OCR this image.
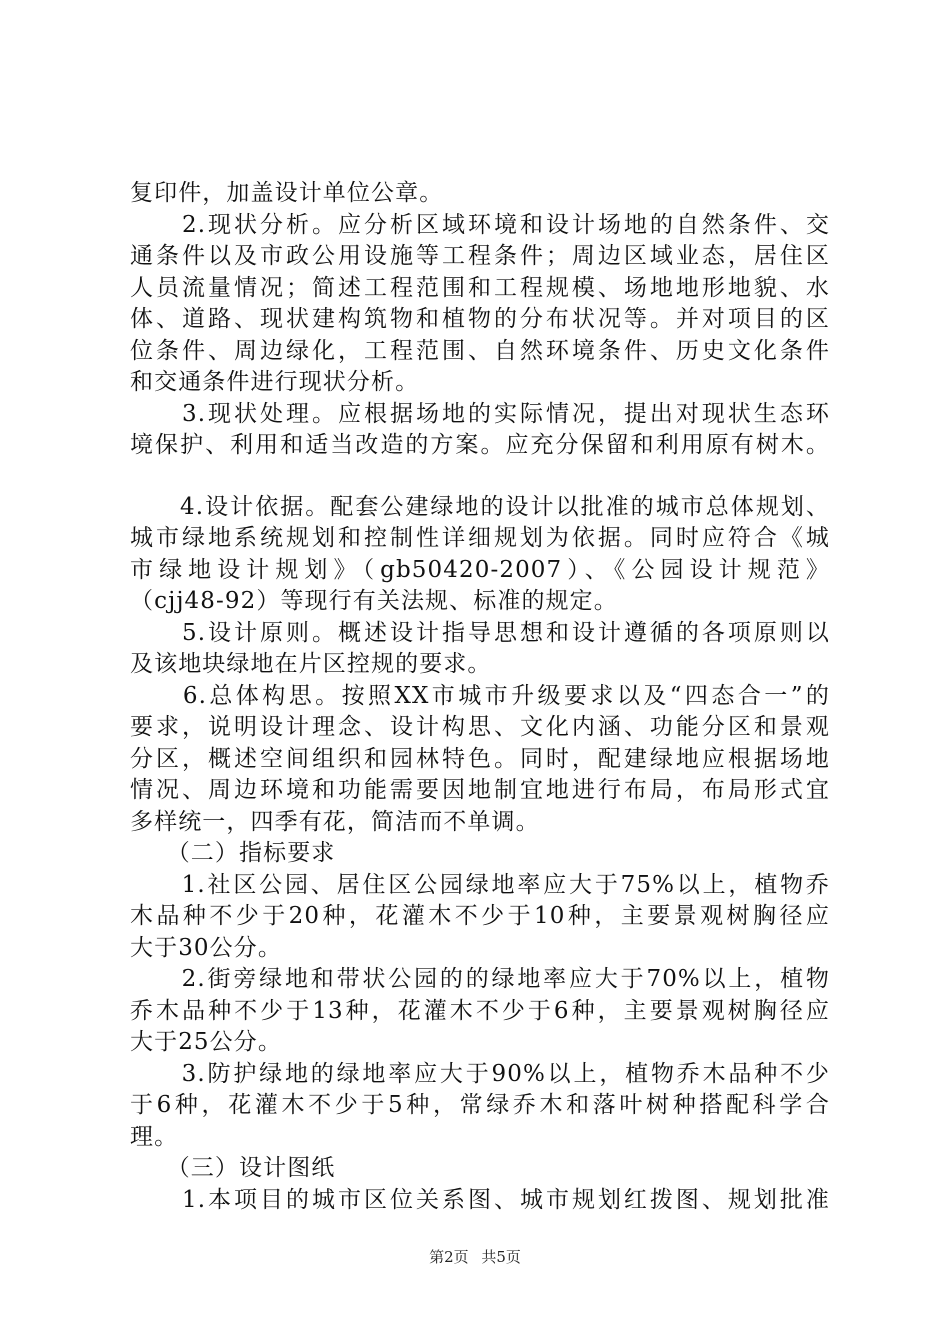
复印件，加盖设计单位公章。
　　2.现状分析。应分析区域环境和设计场地的自然条件、交
通条件以及市政公用设施等工程条件；周边区域业态，居住区
人员流量情况；简述工程范围和工程规模、场地地形地貌、水
体、道路、现状建构筑物和植物的分布状况等。并对项目的区
位条件、周边绿化，工程范围、自然环境条件、历史文化条件
和交通条件进行现状分析。
　　3.现状处理。应根据场地的实际情况，提出对现状生态环
境保护、利用和适当改造的方案。应充分保留和利用原有树木。
　　4.设计依据。配套公建绿地的设计以批准的城市总体规划、
城市绿地系统规划和控制性详细规划为依据。同时应符合《城
市绿地设计规划》（gb50420-2007）、《公园设计规范》
（cjj48-92）等现行有关法规、标准的规定。
　　5.设计原则。概述设计指导思想和设计遵循的各项原则以
及该地块绿地在片区控规的要求。
　　6.总体构思。按照XX市城市升级要求以及“四态合一”的
要求，说明设计理念、设计构思、文化内涵、功能分区和景观
分区，概述空间组织和园林特色。同时，配建绿地应根据场地
情况、周边环境和功能需要因地制宜地进行布局，布局形式宜
多样统一，四季有花，简洁而不单调。
　　（二）指标要求
　　1.社区公园、居住区公园绿地率应大于75%以上，植物乔
木品种不少于20种，花灌木不少于10种，主要景观树胸径应
大于30公分。
　　2.街旁绿地和带状公园的的绿地率应大于70%以上，植物
乔木品种不少于13种，花灌木不少于6种，主要景观树胸径应
大于25公分。
　　3.防护绿地的绿地率应大于90%以上，植物乔木品种不少
于6种，花灌木不少于5种，常绿乔木和落叶树种搭配科学合
理。
　　（三）设计图纸
　　1.本项目的城市区位关系图、城市规划红拨图、规划批准
第2页 共5页
